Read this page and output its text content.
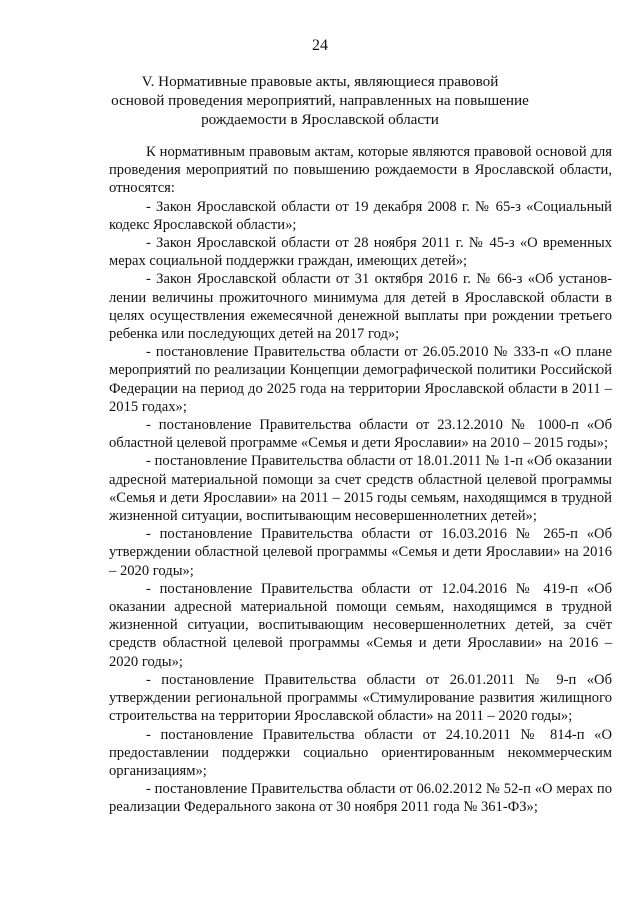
24
V. Нормативные правовые акты, являющиеся правовой
основой проведения мероприятий, направленных на повышение
рождаемости в Ярославской области

К нормативным правовым актам, которые являются правовой основой для проведения мероприятий по повышению рождаемости в Ярославской области, относятся:

- Закон Ярославской области от 19 декабря 2008 г. № 65-з «Социальный кодекс Ярославской области»;

- Закон Ярославской области от 28 ноября 2011 г. № 45-з «О временных мерах социальной поддержки граждан, имеющих детей»;

- Закон Ярославской области от 31 октября 2016 г. № 66-з «Об установлении величины прожиточного минимума для детей в Ярославской области в целях осуществления ежемесячной денежной выплаты при рождении третьего ребенка или последующих детей на 2017 год»;

- постановление Правительства области от 26.05.2010 № 333-п «О плане мероприятий по реализации Концепции демографической политики Российской Федерации на период до 2025 года на территории Ярославской области в 2011 – 2015 годах»;

- постановление Правительства области от 23.12.2010 № 1000-п «Об областной целевой программе «Семья и дети Ярославии» на 2010 – 2015 годы»;

- постановление Правительства области от 18.01.2011 № 1-п «Об оказании адресной материальной помощи за счет средств областной целевой программы «Семья и дети Ярославии» на 2011 – 2015 годы семьям, находящимся в трудной жизненной ситуации, воспитывающим несовершеннолетних детей»;

- постановление Правительства области от 16.03.2016 № 265-п «Об утверждении областной целевой программы «Семья и дети Ярославии» на 2016 – 2020 годы»;

- постановление Правительства области от 12.04.2016 № 419-п «Об оказании адресной материальной помощи семьям, находящимся в трудной жизненной ситуации, воспитывающим несовершеннолетних детей, за счёт средств областной целевой программы «Семья и дети Ярославии» на 2016 – 2020 годы»;

- постановление Правительства области от 26.01.2011 № 9-п «Об утверждении региональной программы «Стимулирование развития жилищного строительства на территории Ярославской области» на 2011 – 2020 годы»;

- постановление Правительства области от 24.10.2011 № 814-п «О предоставлении поддержки социально ориентированным некоммерческим организациям»;

- постановление Правительства области от 06.02.2012 № 52-п «О мерах по реализации Федерального закона от 30 ноября 2011 года № 361-ФЗ»;
